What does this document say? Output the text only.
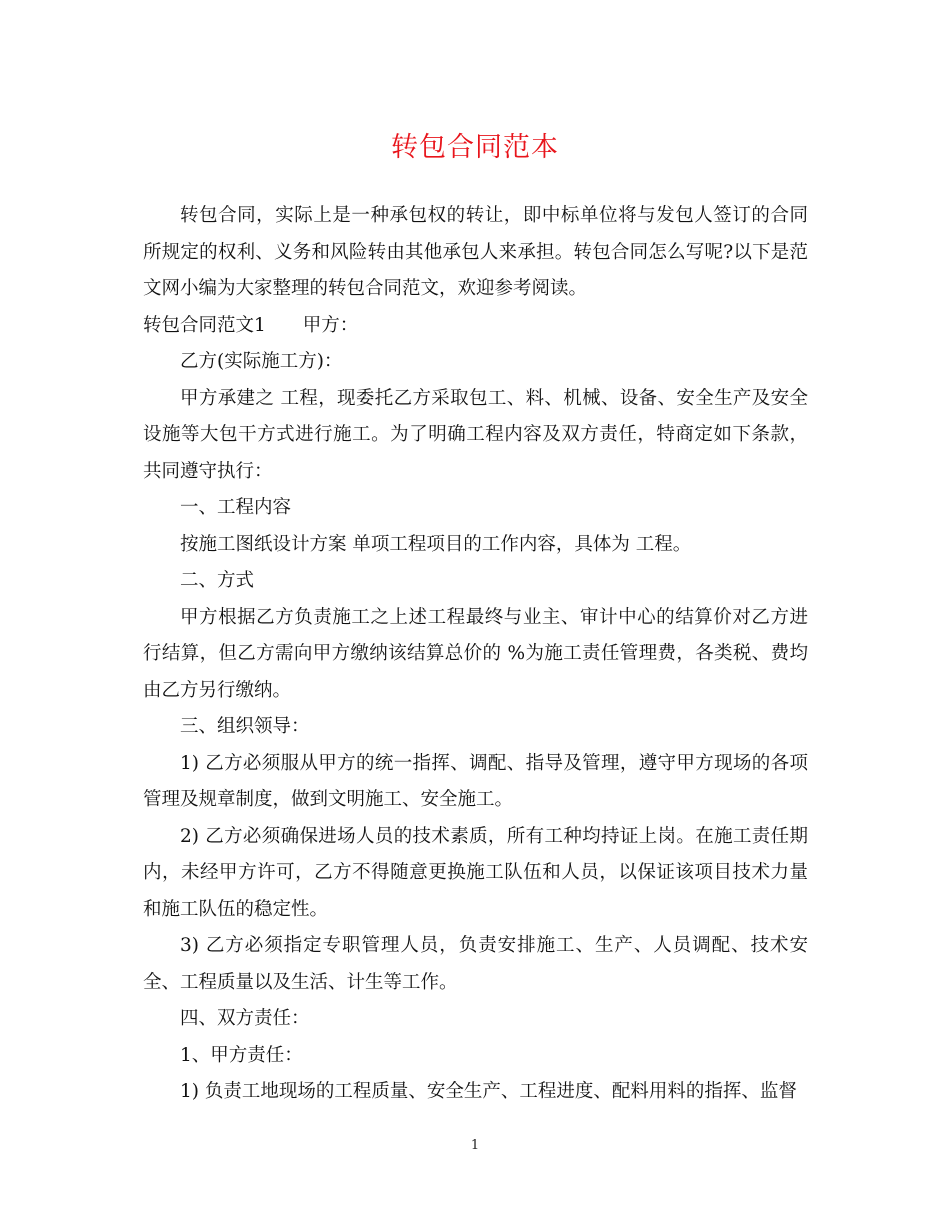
转包合同范本

转包合同，实际上是一种承包权的转让，即中标单位将与发包人签订的合同所规定的权利、义务和风险转由其他承包人来承担。转包合同怎么写呢?以下是范文网小编为大家整理的转包合同范文，欢迎参考阅读。

转包合同范文1 甲方：

乙方(实际施工方)：

甲方承建之 工程，现委托乙方采取包工、料、机械、设备、安全生产及安全设施等大包干方式进行施工。为了明确工程内容及双方责任，特商定如下条款，共同遵守执行：

一、工程内容

按施工图纸设计方案 单项工程项目的工作内容，具体为 工程。

二、方式

甲方根据乙方负责施工之上述工程最终与业主、审计中心的结算价对乙方进行结算，但乙方需向甲方缴纳该结算总价的 %为施工责任管理费，各类税、费均由乙方另行缴纳。

三、组织领导：

1) 乙方必须服从甲方的统一指挥、调配、指导及管理，遵守甲方现场的各项管理及规章制度，做到文明施工、安全施工。

2) 乙方必须确保进场人员的技术素质，所有工种均持证上岗。在施工责任期内，未经甲方许可，乙方不得随意更换施工队伍和人员，以保证该项目技术力量和施工队伍的稳定性。

3) 乙方必须指定专职管理人员，负责安排施工、生产、人员调配、技术安全、工程质量以及生活、计生等工作。

四、双方责任：

1、甲方责任：

1) 负责工地现场的工程质量、安全生产、工程进度、配料用料的指挥、监督

1
